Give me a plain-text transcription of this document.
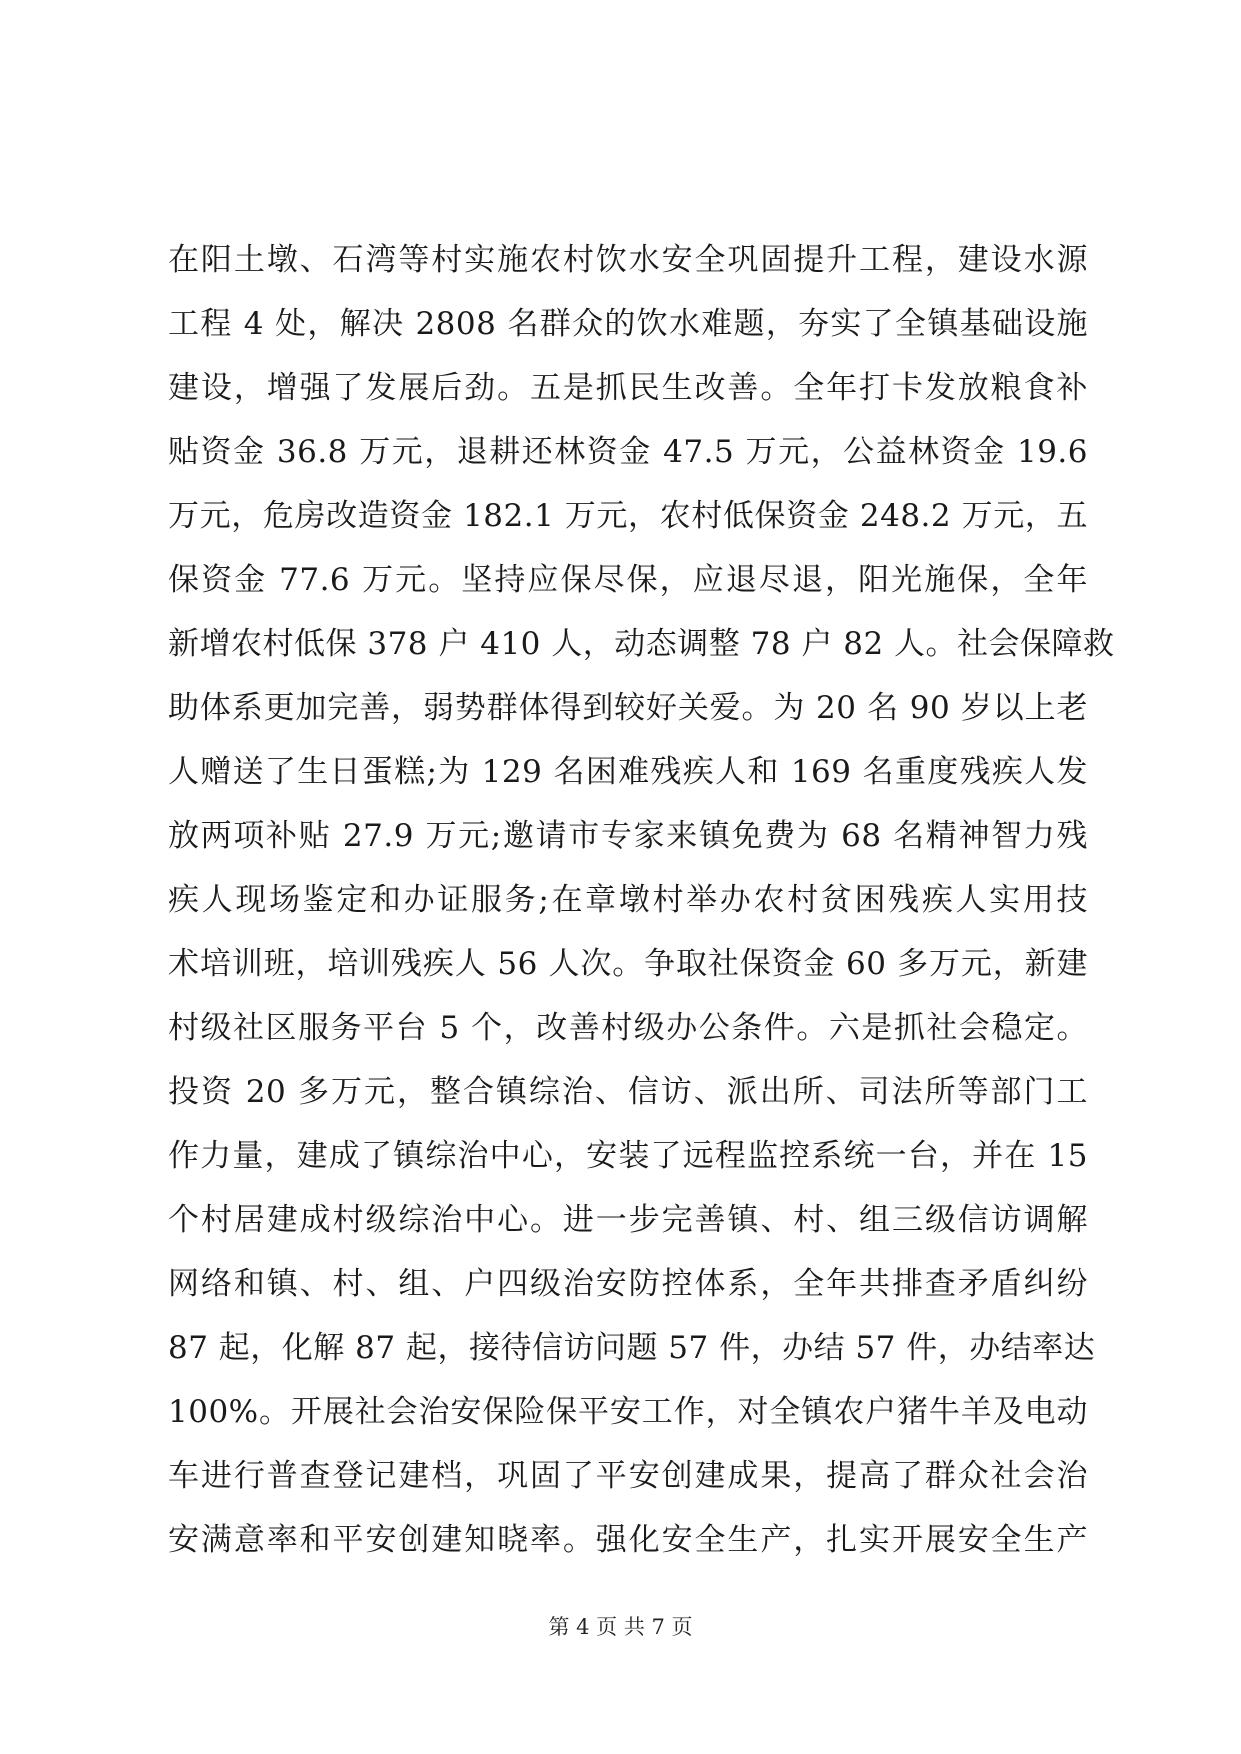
在阳土墩、石湾等村实施农村饮水安全巩固提升工程，建设水源
工程 4 处，解决 2808 名群众的饮水难题，夯实了全镇基础设施
建设，增强了发展后劲。五是抓民生改善。全年打卡发放粮食补
贴资金 36.8 万元，退耕还林资金 47.5 万元，公益林资金 19.6
万元，危房改造资金 182.1 万元，农村低保资金 248.2 万元，五
保资金 77.6 万元。坚持应保尽保，应退尽退，阳光施保，全年
新增农村低保 378 户 410 人，动态调整 78 户 82 人。社会保障救
助体系更加完善，弱势群体得到较好关爱。为 20 名 90 岁以上老
人赠送了生日蛋糕;为 129 名困难残疾人和 169 名重度残疾人发
放两项补贴 27.9 万元;邀请市专家来镇免费为 68 名精神智力残
疾人现场鉴定和办证服务;在章墩村举办农村贫困残疾人实用技
术培训班，培训残疾人 56 人次。争取社保资金 60 多万元，新建
村级社区服务平台 5 个，改善村级办公条件。六是抓社会稳定。
投资 20 多万元，整合镇综治、信访、派出所、司法所等部门工
作力量，建成了镇综治中心，安装了远程监控系统一台，并在 15
个村居建成村级综治中心。进一步完善镇、村、组三级信访调解
网络和镇、村、组、户四级治安防控体系，全年共排查矛盾纠纷
87 起，化解 87 起，接待信访问题 57 件，办结 57 件，办结率达
100%。开展社会治安保险保平安工作，对全镇农户猪牛羊及电动
车进行普查登记建档，巩固了平安创建成果，提高了群众社会治
安满意率和平安创建知晓率。强化安全生产，扎实开展安全生产
第 4 页 共 7 页
